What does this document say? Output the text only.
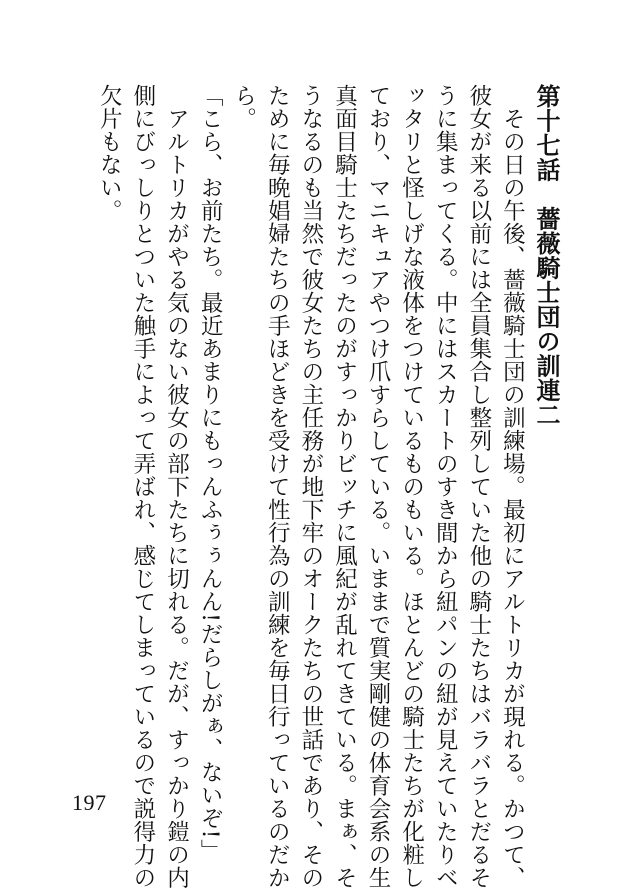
第十七話　薔薇騎士団の訓連二
　その日の午後、薔薇騎士団の訓練場。最初にアルトリカが現れる。かつて、
彼女が来る以前には全員集合し整列していた他の騎士たちはバラバラとだるそ
うに集まってくる。中にはスカートのすき間から紐パンの紐が見えていたりベ
ッタリと怪しげな液体をつけているものもいる。ほとんどの騎士たちが化粧し
ており、マニキュアやつけ爪すらしている。いままで質実剛健の体育会系の生
真面目騎士たちだったのがすっかりビッチに風紀が乱れてきている。まぁ、そ
うなるのも当然で彼女たちの主任務が地下牢のオークたちの世話であり、その
ために毎晩娼婦たちの手ほどきを受けて性行為の訓練を毎日行っているのだか
ら。
「こら、お前たち。最近あまりにもっんふぅぅんん!だらしがぁ、ないぞ!」
　アルトリカがやる気のない彼女の部下たちに切れる。だが、すっかり鎧の内
側にびっしりとついた触手によって弄ばれ、感じてしまっているので説得力の
欠片もない。
197
